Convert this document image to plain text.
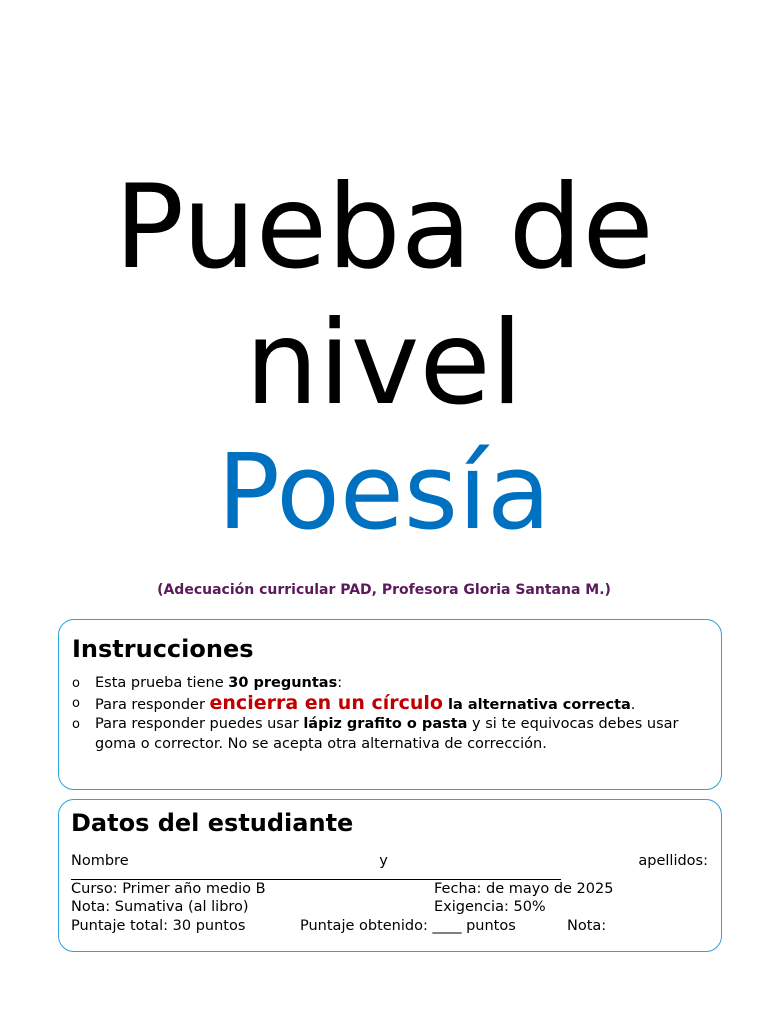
Pueba de
nivel
Poesía
(Adecuación curricular PAD, Profesora Gloria Santana M.)
Instrucciones
o Esta prueba tiene 30 preguntas:
o Para responder encierra en un círculo la alternativa correcta.
o Para responder puedes usar lápiz grafito o pasta y si te equivocas debes usar goma o corrector. No se acepta otra alternativa de corrección.
Datos del estudiante
Nombre	y	apellidos:
Curso: Primer año medio B	Fecha: de mayo de 2025
Nota: Sumativa (al libro)	Exigencia: 50%
Puntaje total: 30 puntos	Puntaje obtenido: ____ puntos	Nota:
